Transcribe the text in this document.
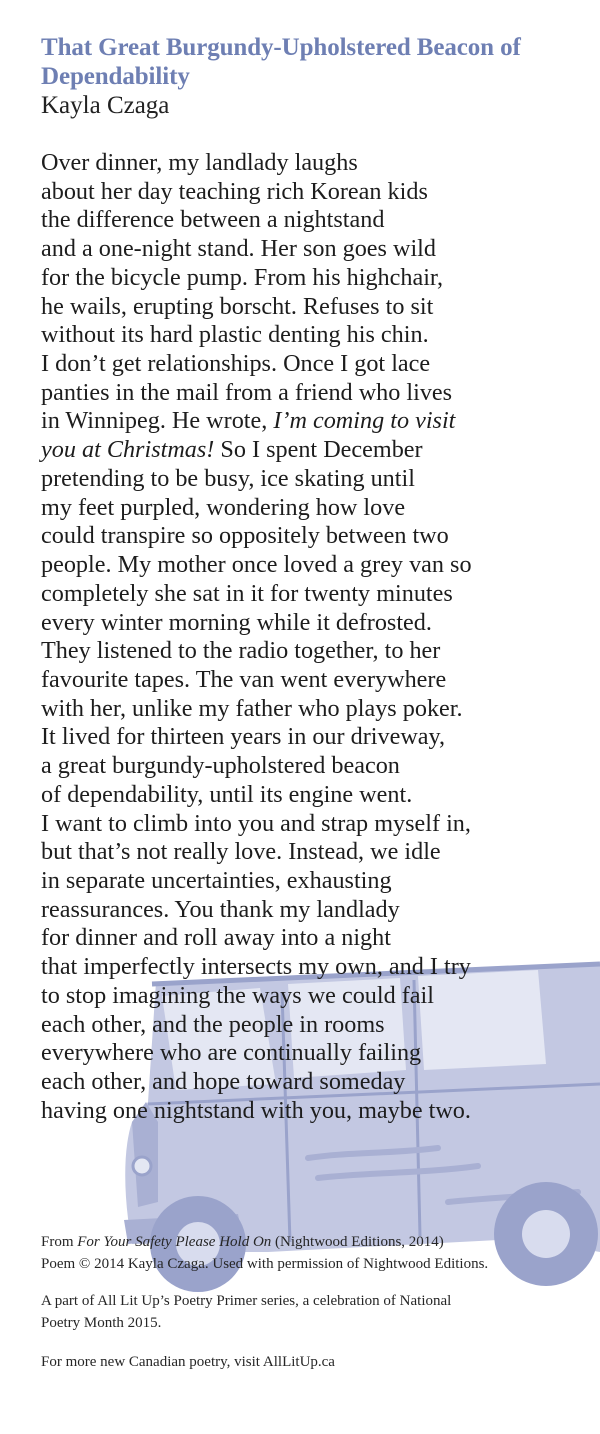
That Great Burgundy-Upholstered Beacon of Dependability

Kayla Czaga

Over dinner, my landlady laughs
about her day teaching rich Korean kids
the difference between a nightstand
and a one-night stand. Her son goes wild
for the bicycle pump. From his highchair,
he wails, erupting borscht. Refuses to sit
without its hard plastic denting his chin.
I don’t get relationships. Once I got lace
panties in the mail from a friend who lives
in Winnipeg. He wrote, I’m coming to visit
you at Christmas! So I spent December
pretending to be busy, ice skating until
my feet purpled, wondering how love
could transpire so oppositely between two
people. My mother once loved a grey van so
completely she sat in it for twenty minutes
every winter morning while it defrosted.
They listened to the radio together, to her
favourite tapes. The van went everywhere
with her, unlike my father who plays poker.
It lived for thirteen years in our driveway,
a great burgundy-upholstered beacon
of dependability, until its engine went.
I want to climb into you and strap myself in,
but that’s not really love. Instead, we idle
in separate uncertainties, exhausting
reassurances. You thank my landlady
for dinner and roll away into a night
that imperfectly intersects my own, and I try
to stop imagining the ways we could fail
each other, and the people in rooms
everywhere who are continually failing
each other, and hope toward someday
having one nightstand with you, maybe two.

From For Your Safety Please Hold On (Nightwood Editions, 2014)

Poem © 2014 Kayla Czaga. Used with permission of Nightwood Editions.

A part of All Lit Up’s Poetry Primer series, a celebration of National

Poetry Month 2015.

For more new Canadian poetry, visit AllLitUp.ca
